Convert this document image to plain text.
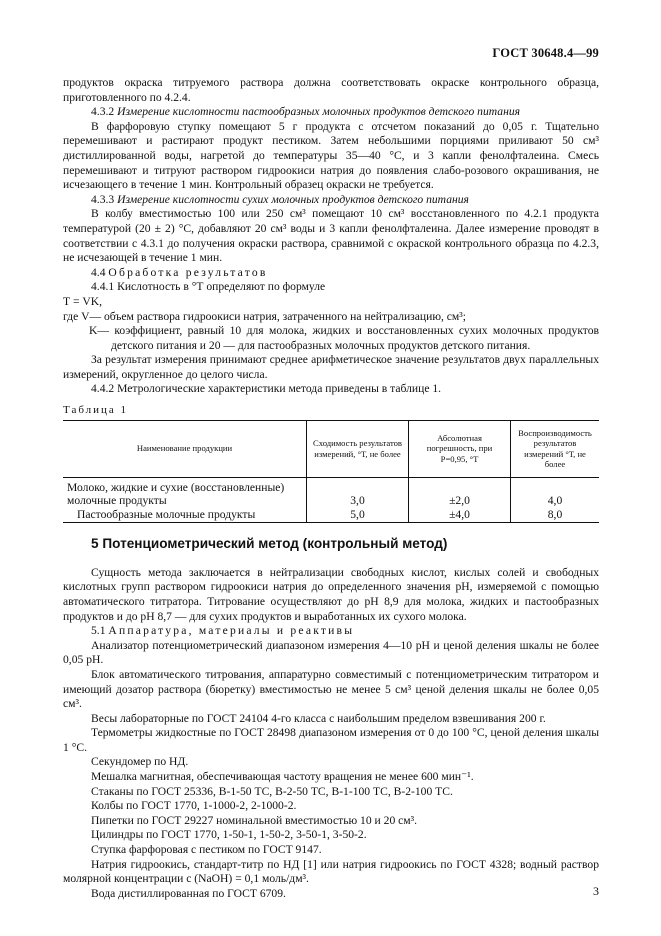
ГОСТ 30648.4—99

продуктов окраска титруемого раствора должна соответствовать окраске контрольного образца, приготовленного по 4.2.4.

4.3.2 Измерение кислотности пастообразных молочных продуктов детского питания

В фарфоровую ступку помещают 5 г продукта с отсчетом показаний до 0,05 г. Тщательно перемешивают и растирают продукт пестиком. Затем небольшими порциями приливают 50 см³ дистиллированной воды, нагретой до температуры 35—40 °С, и 3 капли фенолфталеина. Смесь перемешивают и титруют раствором гидроокиси натрия до появления слабо-розового окрашивания, не исчезающего в течение 1 мин. Контрольный образец окраски не требуется.

4.3.3 Измерение кислотности сухих молочных продуктов детского питания

В колбу вместимостью 100 или 250 см³ помещают 10 см³ восстановленного по 4.2.1 продукта температурой (20 ± 2) °С, добавляют 20 см³ воды и 3 капли фенолфталеина. Далее измерение проводят в соответствии с 4.3.1 до получения окраски раствора, сравнимой с окраской контрольного образца по 4.2.3, не исчезающей в течение 1 мин.

4.4 Обработка результатов

4.4.1 Кислотность в °Т определяют по формуле

Т = VK,

где V— объем раствора гидроокиси натрия, затраченного на нейтрализацию, см³;

K— коэффициент, равный 10 для молока, жидких и восстановленных сухих молочных продуктов детского питания и 20 — для пастообразных молочных продуктов детского питания.

За результат измерения принимают среднее арифметическое значение результатов двух параллельных измерений, округленное до целого числа.

4.4.2 Метрологические характеристики метода приведены в таблице 1.

Таблица 1

Наименование продукции	Сходимость результатов измерений, °Т, не более	Абсолютная погрешность, при P=0,95, °Т	Воспроизводимость результатов измерений °Т, не более
Молоко, жидкие и сухие (восстановленные) молочные продукты	3,0	±2,0	4,0
Пастообразные молочные продукты	5,0	±4,0	8,0

5 Потенциометрический метод (контрольный метод)

Сущность метода заключается в нейтрализации свободных кислот, кислых солей и свободных кислотных групп раствором гидроокиси натрия до определенного значения pH, измеряемой с помощью автоматического титратора. Титрование осуществляют до pH 8,9 для молока, жидких и пастообразных продуктов и до pH 8,7 — для сухих продуктов и выработанных их сухого молока.

5.1 Аппаратура, материалы и реактивы

Анализатор потенциометрический диапазоном измерения 4—10 pH и ценой деления шкалы не более 0,05 pH.

Блок автоматического титрования, аппаратурно совместимый с потенциометрическим титратором и имеющий дозатор раствора (бюретку) вместимостью не менее 5 см³ ценой деления шкалы не более 0,05 см³.

Весы лабораторные по ГОСТ 24104 4-го класса с наибольшим пределом взвешивания 200 г.

Термометры жидкостные по ГОСТ 28498 диапазоном измерения от 0 до 100 °С, ценой деления шкалы 1 °С.

Секундомер по НД.

Мешалка магнитная, обеспечивающая частоту вращения не менее 600 мин⁻¹.

Стаканы по ГОСТ 25336, В-1-50 ТС, В-2-50 ТС, В-1-100 ТС, В-2-100 ТС.

Колбы по ГОСТ 1770, 1-1000-2, 2-1000-2.

Пипетки по ГОСТ 29227 номинальной вместимостью 10 и 20 см³.

Цилиндры по ГОСТ 1770, 1-50-1, 1-50-2, 3-50-1, 3-50-2.

Ступка фарфоровая с пестиком по ГОСТ 9147.

Натрия гидроокись, стандарт-титр по НД [1] или натрия гидроокись по ГОСТ 4328; водный раствор молярной концентрации c (NaOH) = 0,1 моль/дм³.

Вода дистиллированная по ГОСТ 6709.	3
